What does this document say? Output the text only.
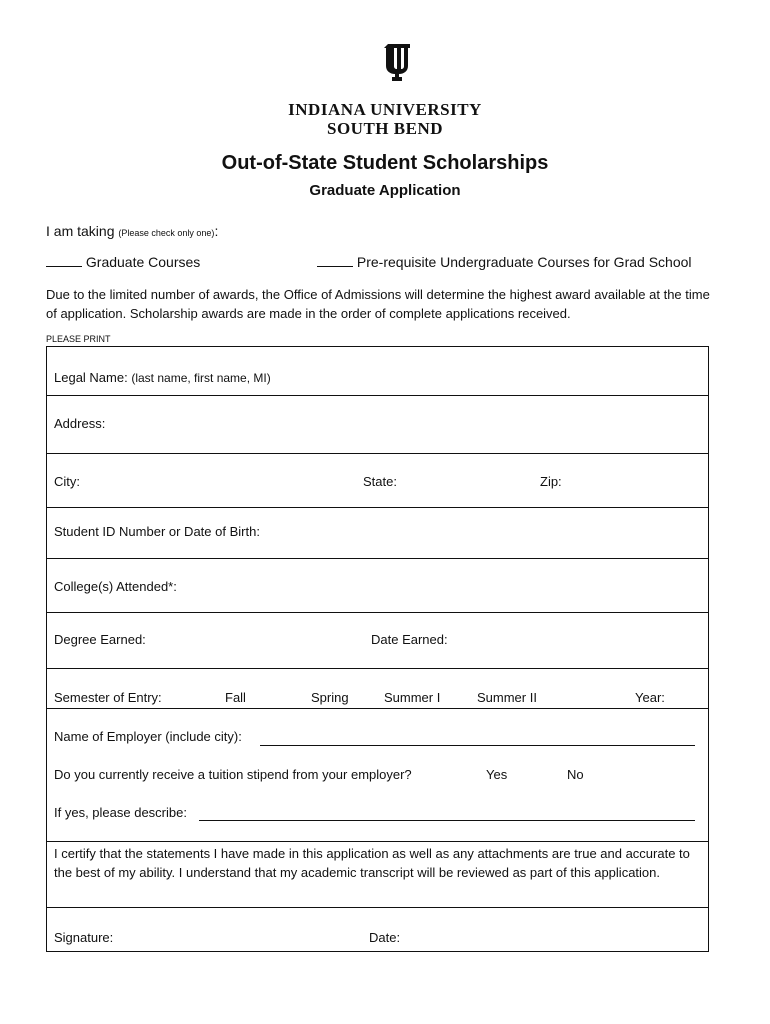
INDIANA UNIVERSITY
SOUTH BEND
Out-of-State Student Scholarships
Graduate Application
I am taking (Please check only one):
Graduate Courses	Pre-requisite Undergraduate Courses for Grad School
Due to the limited number of awards, the Office of Admissions will determine the highest award available at the time of application. Scholarship awards are made in the order of complete applications received.
PLEASE PRINT
Legal Name: (last name, first name, MI)
Address:
City:	State:	Zip:
Student ID Number or Date of Birth:
College(s) Attended*:
Degree Earned:	Date Earned:
Semester of Entry:	Fall	Spring	Summer I	Summer II	Year:
Name of Employer (include city):
Do you currently receive a tuition stipend from your employer?	Yes	No
If yes, please describe:
I certify that the statements I have made in this application as well as any attachments are true and accurate to the best of my ability. I understand that my academic transcript will be reviewed as part of this application.
Signature:	Date:
